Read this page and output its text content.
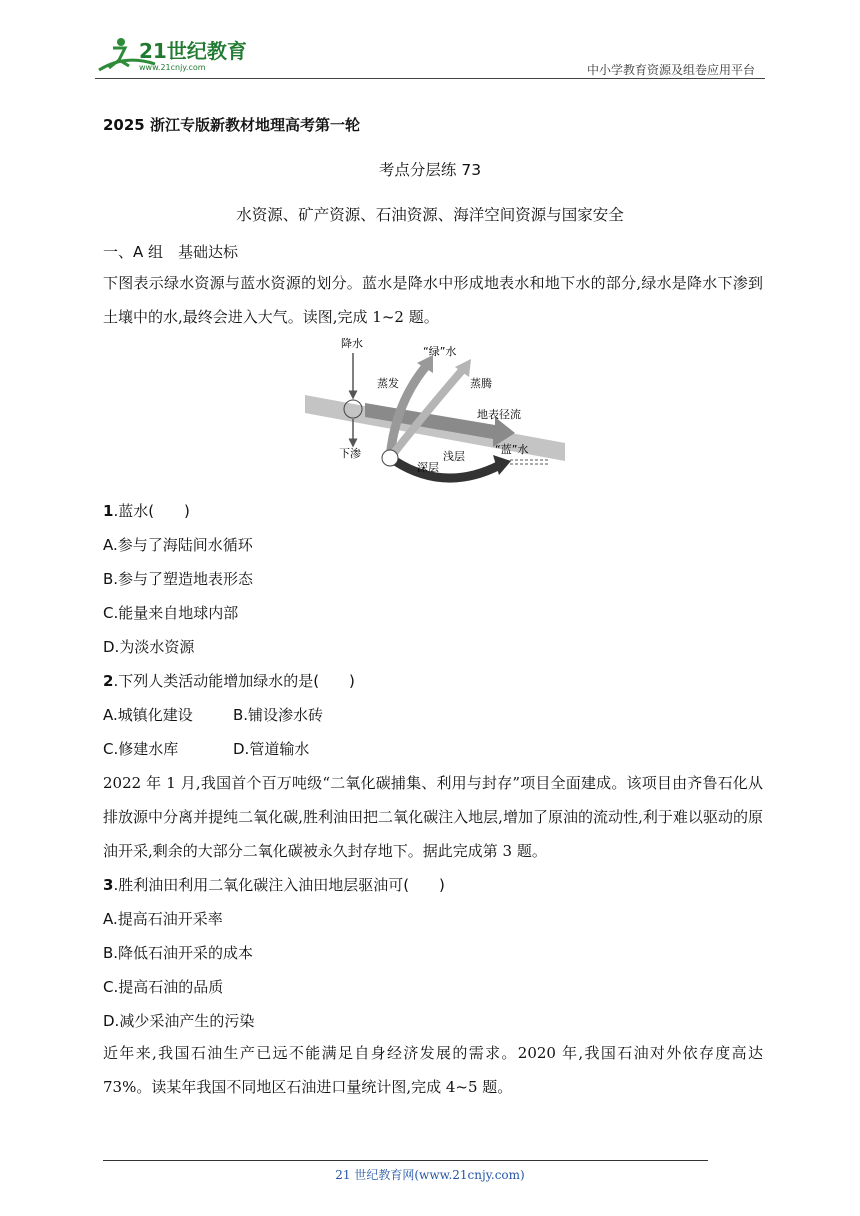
21世纪教育
www.21cnjy.com	中小学教育资源及组卷应用平台
2025 浙江专版新教材地理高考第一轮
考点分层练 73
水资源、矿产资源、石油资源、海洋空间资源与国家安全
一、A 组　基础达标
下图表示绿水资源与蓝水资源的划分。蓝水是降水中形成地表水和地下水的部分,绿水是降水下渗到土壤中的水,最终会进入大气。读图,完成 1~2 题。
降水
“绿”水
蒸发	蒸腾
地表径流
下渗
深层
浅层
“蓝”水
1.蓝水(　　)
A.参与了海陆间水循环
B.参与了塑造地表形态
C.能量来自地球内部
D.为淡水资源
2.下列人类活动能增加绿水的是(　　)
A.城镇化建设	B.铺设渗水砖
C.修建水库	D.管道输水
2022 年 1 月,我国首个百万吨级“二氧化碳捕集、利用与封存”项目全面建成。该项目由齐鲁石化从排放源中分离并提纯二氧化碳,胜利油田把二氧化碳注入地层,增加了原油的流动性,利于难以驱动的原油开采,剩余的大部分二氧化碳被永久封存地下。据此完成第 3 题。
3.胜利油田利用二氧化碳注入油田地层驱油可(　　)
A.提高石油开采率
B.降低石油开采的成本
C.提高石油的品质
D.减少采油产生的污染
近年来,我国石油生产已远不能满足自身经济发展的需求。2020 年,我国石油对外依存度高达 73%。读某年我国不同地区石油进口量统计图,完成 4~5 题。
21 世纪教育网(www.21cnjy.com)
